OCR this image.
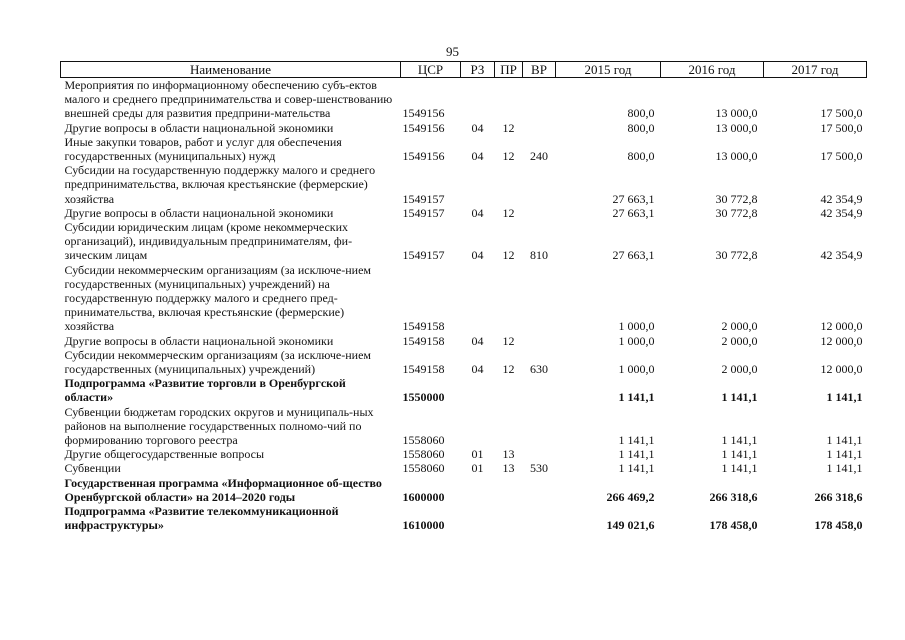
95
Наименование	ЦСР	РЗ	ПР	ВР	2015 год	2016 год	2017 год
Мероприятия по информационному обеспечению субъ-ектов малого и среднего предпринимательства и совер-шенствованию внешней среды для развития предприни-мательства	1549156				800,0	13 000,0	17 500,0
Другие вопросы в области национальной экономики	1549156	04	12		800,0	13 000,0	17 500,0
Иные закупки товаров, работ и услуг для обеспечения государственных (муниципальных) нужд	1549156	04	12	240	800,0	13 000,0	17 500,0
Субсидии на государственную поддержку малого и среднего предпринимательства, включая крестьянские (фермерские) хозяйства	1549157				27 663,1	30 772,8	42 354,9
Другие вопросы в области национальной экономики	1549157	04	12		27 663,1	30 772,8	42 354,9
Субсидии юридическим лицам (кроме некоммерческих организаций), индивидуальным предпринимателям, фи-зическим лицам	1549157	04	12	810	27 663,1	30 772,8	42 354,9
Субсидии некоммерческим организациям (за исключе-нием государственных (муниципальных) учреждений) на государственную поддержку малого и среднего пред-принимательства, включая крестьянские (фермерские) хозяйства	1549158				1 000,0	2 000,0	12 000,0
Другие вопросы в области национальной экономики	1549158	04	12		1 000,0	2 000,0	12 000,0
Субсидии некоммерческим организациям (за исключе-нием государственных (муниципальных) учреждений)	1549158	04	12	630	1 000,0	2 000,0	12 000,0
Подпрограмма «Развитие торговли в Оренбургской области»	1550000				1 141,1	1 141,1	1 141,1
Субвенции бюджетам городских округов и муниципаль-ных районов на выполнение государственных полномо-чий по формированию торгового реестра	1558060				1 141,1	1 141,1	1 141,1
Другие общегосударственные вопросы	1558060	01	13		1 141,1	1 141,1	1 141,1
Субвенции	1558060	01	13	530	1 141,1	1 141,1	1 141,1
Государственная программа «Информационное об-щество Оренбургской области» на 2014–2020 годы	1600000				266 469,2	266 318,6	266 318,6
Подпрограмма «Развитие телекоммуникационной инфраструктуры»	1610000				149 021,6	178 458,0	178 458,0
